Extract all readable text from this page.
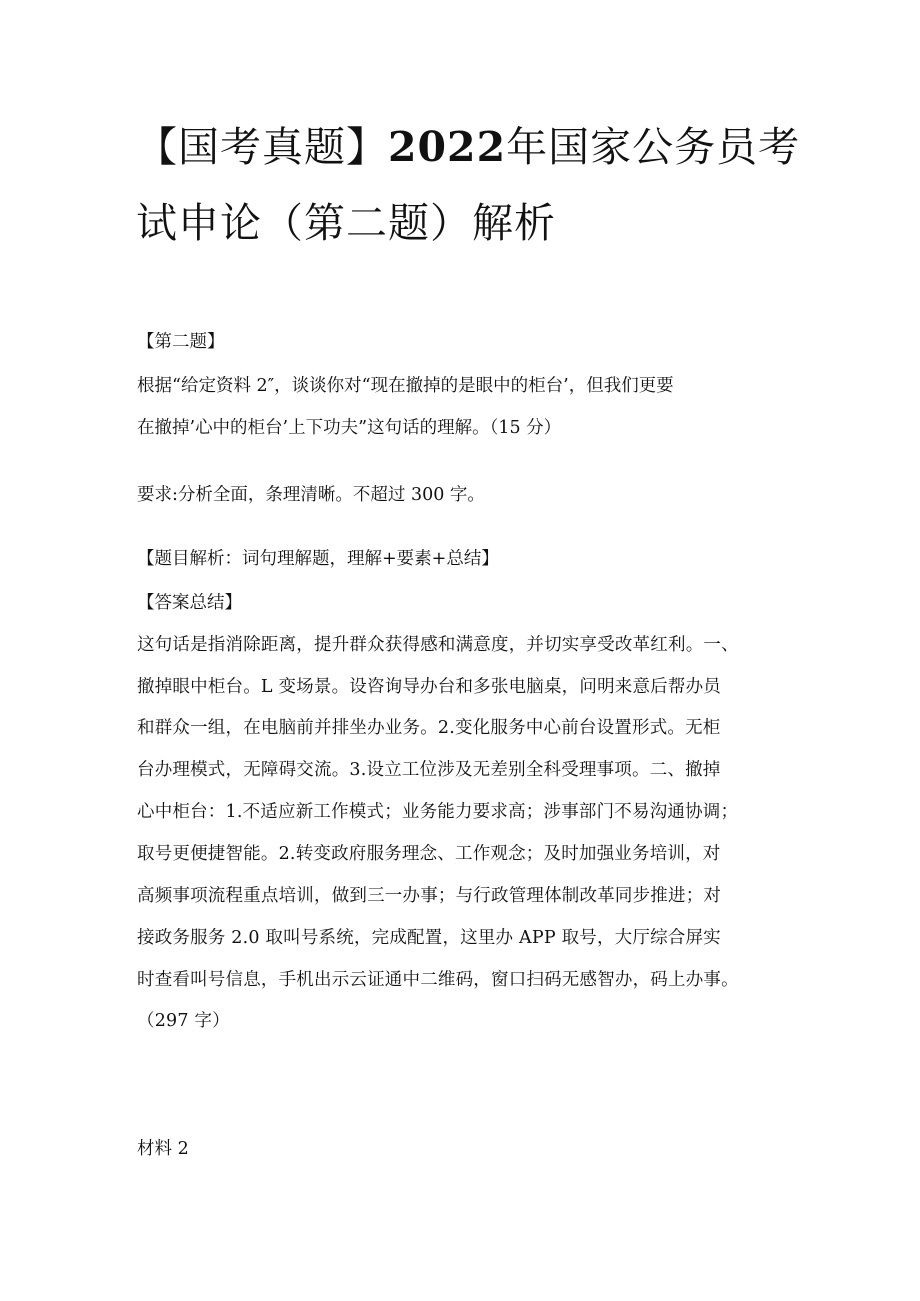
【国考真题】2022年国家公务员考
试申论（第二题）解析
【第二题】
根据“给定资料 2″，谈谈你对“现在撤掉的是眼中的柜台’，但我们更要
在撤掉’心中的柜台’上下功夫”这句话的理解。（15 分）
要求:分析全面，条理清晰。不超过 300 字。
【题目解析：词句理解题，理解+要素+总结】
【答案总结】
这句话是指消除距离，提升群众获得感和满意度，并切实享受改革红利。一、
撤掉眼中柜台。L 变场景。设咨询导办台和多张电脑桌，问明来意后帮办员
和群众一组，在电脑前并排坐办业务。2.变化服务中心前台设置形式。无柜
台办理模式，无障碍交流。3.设立工位涉及无差别全科受理事项。二、撤掉
心中柜台：1.不适应新工作模式；业务能力要求高；涉事部门不易沟通协调；
取号更便捷智能。2.转变政府服务理念、工作观念；及时加强业务培训，对
高频事项流程重点培训，做到三一办事；与行政管理体制改革同步推进；对
接政务服务 2.0 取叫号系统，完成配置，这里办 APP 取号，大厅综合屏实
时查看叫号信息，手机出示云证通中二维码，窗口扫码无感智办，码上办事。
（297 字）
材料 2
